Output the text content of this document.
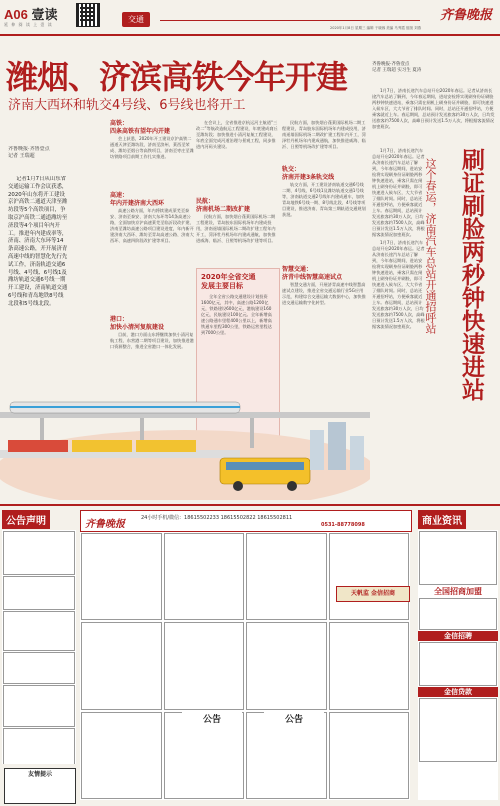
A06 壹读
延 伸 阅 读 上 壹 读
交通	齐鲁晚报
2020年1月8日 星期三 编辑 于晓蓉 美编 马秀霞 组版 刘燕
潍烟、济滨高铁今年开建
济南大西环和轨交4号线、6号线也将开工
齐鲁晚报·齐鲁壹点
记者 王瑞超

记者1月7日从山东省交通运输工作会议获悉，2020年山东将开工建设京沪高铁二通道天津至潍坊段等5个高铁项目，争取京沪高铁二通道潍坊至济段等4个项目年内开工。推进年内建成率等，济南、济南大东环等14条高速公路，开开展济青高速中线的智慧化先行先试工作，济南轨道交通6号线、4号线、6号线1及潍坊轨道交通6号线一期开工建设，济南轨道交通6号线和青岛地铁8号线北段和5号线北段。

高铁：
四条高铁有望年内开建

会上获悉，2020年开工建设京沪高铁二通道天津至潍坊段、济南至滨州、莱西至荣成、潍坊至烟台等高铁项目，济南至枣庄至潍坊铁路项目前期工作扎实推进。

高速：
年内开建济南大西环

高速公路方面，年内将续建成莱芜至泰安、济南至泰安、济南大东环等14条高速公路，全面加快京沪高速莱芜至临沂段改扩建、济南至潍坊高速公路项目建设进度，年内新开建济南大西环、潍坊至青岛高速公路、济南大西环、高速四阶段改扩建等项目。

港口：
加快小清河复航建设

目前，港口方面山东将继续加快小清河复航工程、东营港二期等项目建设，加快推进港口资源整合，推进全省港口一体化发展。

在会议上，全省推进京杭运河主航道“三改二”等航改造航运工程建设，年底建成商丘至潍坊段；加快推进小清河复航工程建设，年底全面完成河道治理与景观工程，同步推进内河码头建设。

民航：
济南机场二期改扩建

民航方面，加快烟台蓬莱国际机场二期工程建设，青岛胶东国际机场年内建成投用，济南遥墙国际机场二期改扩建工程年内开工，菏泽牡丹机场年内建成通航，加快推进威海、临沂、日照等机场改扩建等项目。

2020年全省交通
发展主要目标

全年全省公路交通建设计划投资1600亿元，其中，高速公路1200亿元，铁路建设600亿元，港航建设160亿元，民航建设100亿元。全年新增高速公路通车里程400公里以上，新增高铁通车里程300公里，铁路运营里程达到7000公里。

民航方面，加快烟台蓬莱国际机场二期工程建设，青岛胶东国际机场年内建成投用，济南遥墙国际机场二期改扩建工程年内开工，菏泽牡丹机场年内建成通航，加快推进威海、临沂、日照等机场改扩建等项目。

轨交：
济南开建3条轨交线

轨交方面，开工建设济南轨道交通6号线二期、4号线、6号线1及潍坊轨道交通1号线等，济南轨道交通2号线年内建成通车，加快青岛地铁6号线一期、8号线北段、4号线等项目建设，推进济南、青岛第三期轨道交通规划获批。

智慧交通：
济青中线智慧高速试点

智慧交通方面，开展济青高速中线智慧高速试点建设，推进全省交通运输行业5G应用示范，构建综合交通运输大数据中心，加快推进交通运输数字化转型。

齐鲁晚报·齐鲁壹点
记者 王瑞超 实习生 夏涛

1月7日，济南长途汽车总站开启2020年春运。记者从济南长途汽车总站了解到，今年春运期间，进站安检将实现刷身份证刷脸两秒钟快速进站，乘客只需在闸机上刷身份证并刷脸，即可快速进入候车区，大大节省了排队时间。同时，总站还开通招呼站，方便乘客就近上车。春运期间，总站预计发送旅客约30万人次，日均发送旅客约7500人次，高峰日预计发送1.5万人次，将根据客流情况加密班次。

1月7日，济南长途汽车总站开启2020年春运。记者从济南长途汽车总站了解到，今年春运期间，进站安检将实现刷身份证刷脸两秒钟快速进站，乘客只需在闸机上刷身份证并刷脸，即可快速进入候车区，大大节省了排队时间。同时，总站还开通招呼站，方便乘客就近上车。春运期间，总站预计发送旅客约30万人次，日均发送旅客约7500人次，高峰日预计发送1.5万人次，将根据客流情况加密班次。

1月7日，济南长途汽车总站开启2020年春运。记者从济南长途汽车总站了解到，今年春运期间，进站安检将实现刷身份证刷脸两秒钟快速进站，乘客只需在闸机上刷身份证并刷脸，即可快速进入候车区，大大节省了排队时间。同时，总站还开通招呼站，方便乘客就近上车。春运期间，总站预计发送旅客约30万人次，日均发送旅客约7500人次，高峰日预计发送1.5万人次，将根据客流情况加密班次。	刷证刷脸两秒钟快速进站
这个春运，济南汽车总站开通招呼站
公告声明
友情提示
齐鲁晚报
24小时手机/微信：18615502233 18615502822 18615502811
0531-88778098
公告	公告
天帆监 金信招商
商业资讯
全国招商加盟
金信招聘
金信贷款
